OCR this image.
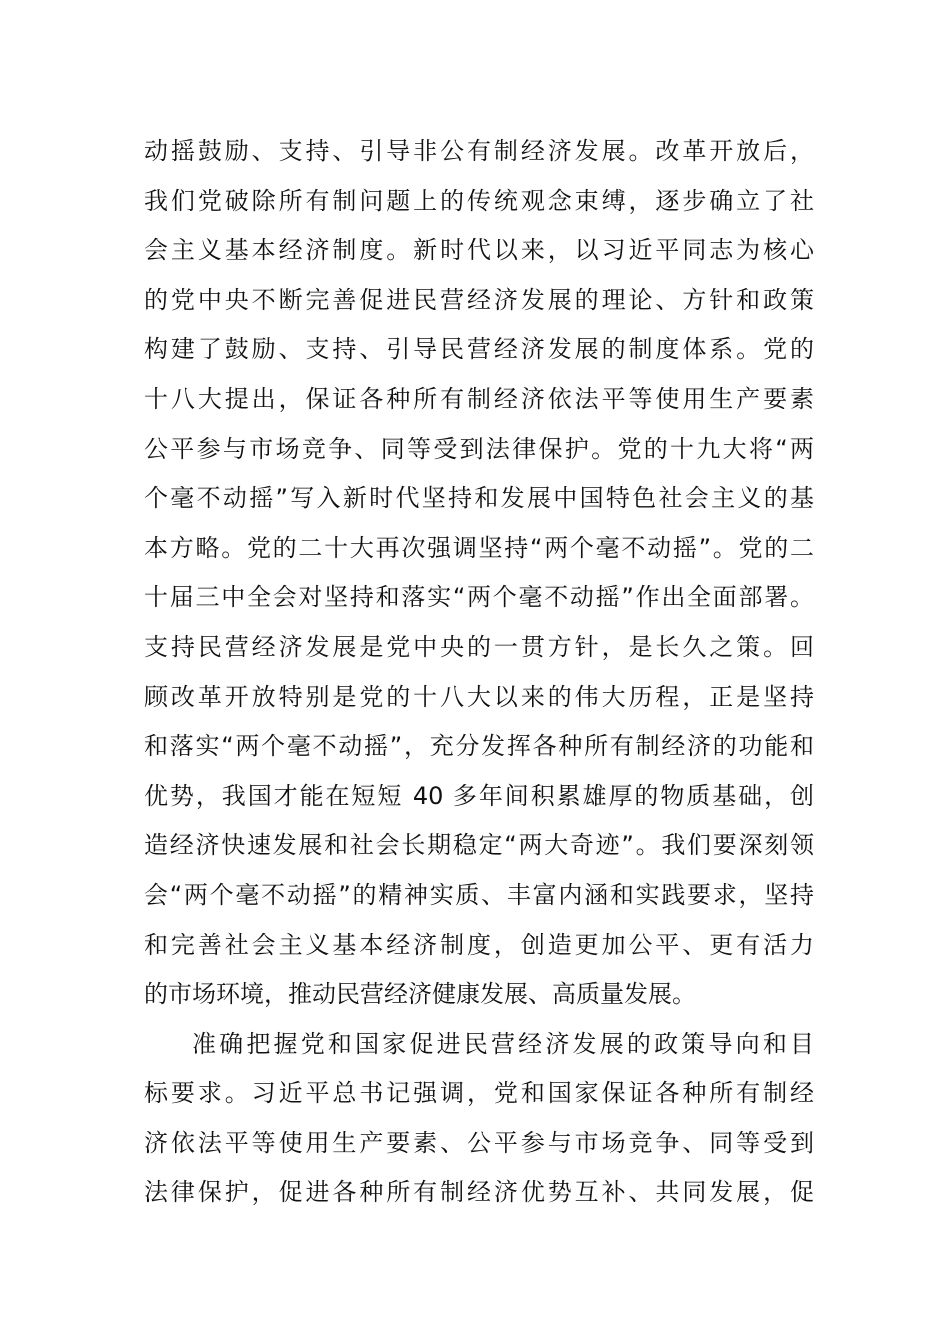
动摇鼓励、支持、引导非公有制经济发展。改革开放后，
我们党破除所有制问题上的传统观念束缚，逐步确立了社
会主义基本经济制度。新时代以来，以习近平同志为核心
的党中央不断完善促进民营经济发展的理论、方针和政策
构建了鼓励、支持、引导民营经济发展的制度体系。党的
十八大提出，保证各种所有制经济依法平等使用生产要素
公平参与市场竞争、同等受到法律保护。党的十九大将“两
个毫不动摇”写入新时代坚持和发展中国特色社会主义的基
本方略。党的二十大再次强调坚持“两个毫不动摇”。党的二
十届三中全会对坚持和落实“两个毫不动摇”作出全面部署。
支持民营经济发展是党中央的一贯方针，是长久之策。回
顾改革开放特别是党的十八大以来的伟大历程，正是坚持
和落实“两个毫不动摇”，充分发挥各种所有制经济的功能和
优势，我国才能在短短 40 多年间积累雄厚的物质基础，创
造经济快速发展和社会长期稳定“两大奇迹”。我们要深刻领
会“两个毫不动摇”的精神实质、丰富内涵和实践要求，坚持
和完善社会主义基本经济制度，创造更加公平、更有活力
的市场环境，推动民营经济健康发展、高质量发展。
准确把握党和国家促进民营经济发展的政策导向和目
标要求。习近平总书记强调，党和国家保证各种所有制经
济依法平等使用生产要素、公平参与市场竞争、同等受到
法律保护，促进各种所有制经济优势互补、共同发展，促
